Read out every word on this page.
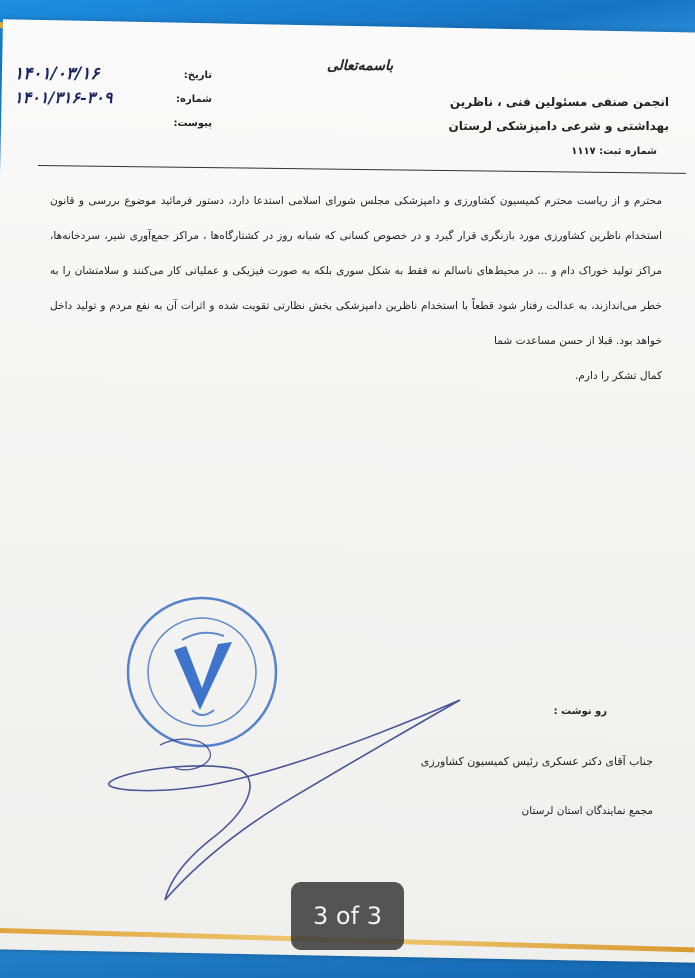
باسمه‌تعالی
انجمن صنفی مسئولین فنی ، ناظرین
بهداشتی و شرعی دامپزشکی لرستان
شماره ثبت: ۱۱۱۷
تاریخ:
۱۴۰۱/۰۳/۱۶
شماره:
۱۴۰۱/۳۱۶-۳۰۹
پیوست:

محترم و از ریاست محترم کمیسیون کشاورزی و دامپزشکی مجلس شورای اسلامی استدعا دارد، دستور فرمائید موضوع بررسی و قانون استخدام ناظرین کشاورزی مورد بازنگری قرار گیرد و در خصوص کسانی که شبانه روز در کشتارگاه‌ها ، مراکز جمع‌آوری شیر، سردخانه‌ها، مراکز تولید خوراک دام و ... در محیط‌های ناسالم نه فقط به شکل سوری بلکه به صورت فیزیکی و عملیاتی کار می‌کنند و سلامتشان را به خطر می‌اندازند، به عدالت رفتار شود قطعاً با استخدام ناظرین دامپزشکی بخش نظارتی تقویت شده و اثرات آن به نفع مردم و تولید داخل خواهد بود. قبلا از حسن مساعدت شما

کمال تشکر را دارم.

رو نوشت :
جناب آقای دکتر عسکری رئیس کمیسیون کشاورزی
مجمع نمایندگان استان لرستان
3 of 3
